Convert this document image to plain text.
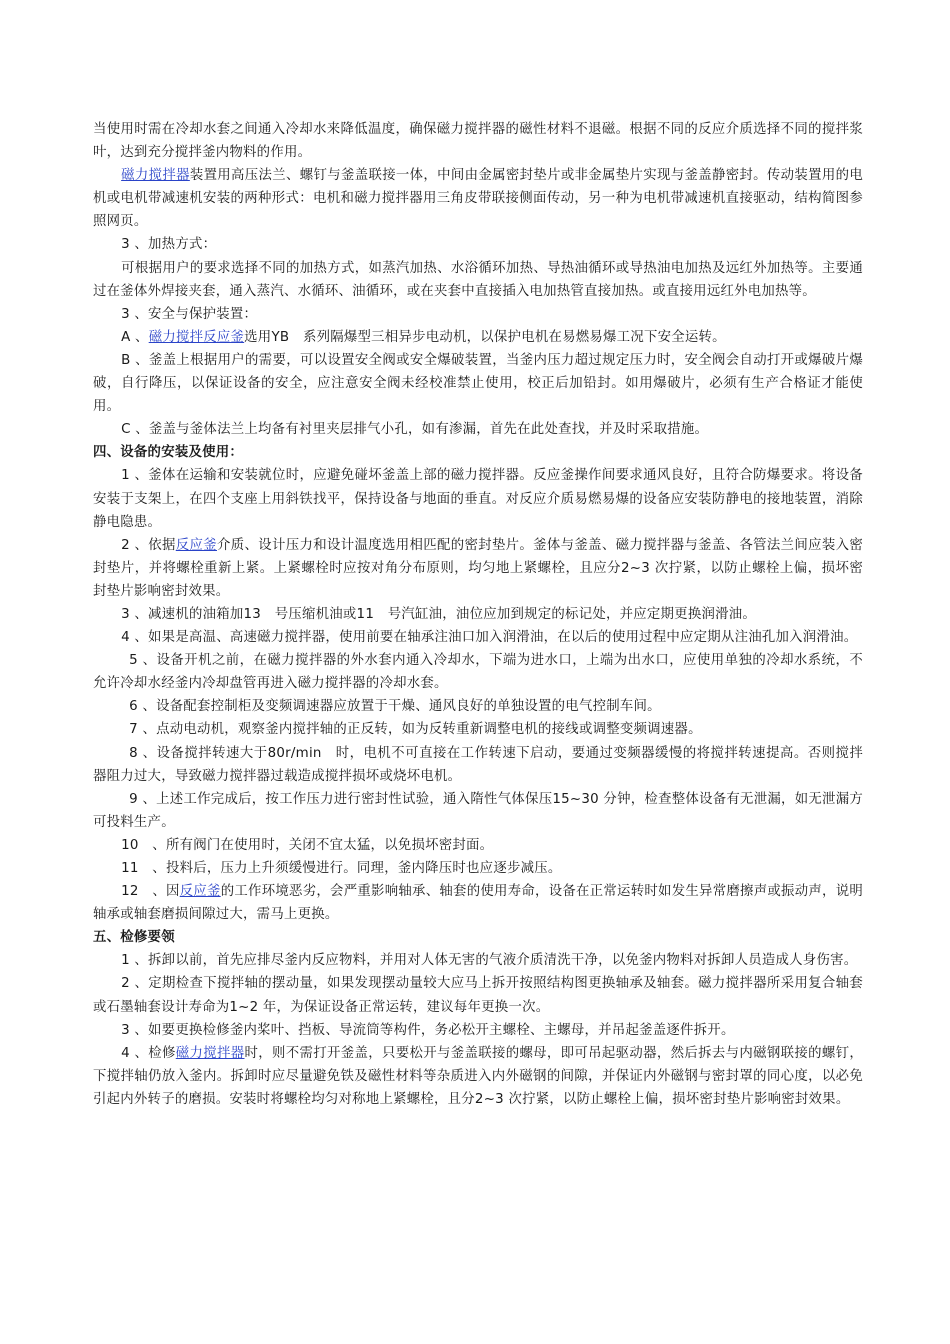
当使用时需在冷却水套之间通入冷却水来降低温度，确保磁力搅拌器的磁性材料不退磁。根据不同的反应介质选择不同的搅拌浆叶，达到充分搅拌釜内物料的作用。

磁力搅拌器装置用高压法兰、螺钉与釜盖联接一体，中间由金属密封垫片或非金属垫片实现与釜盖静密封。传动装置用的电机或电机带减速机安装的两种形式：电机和磁力搅拌器用三角皮带联接侧面传动，另一种为电机带减速机直接驱动，结构简图参照网页。

3 、加热方式：

可根据用户的要求选择不同的加热方式，如蒸汽加热、水浴循环加热、导热油循环或导热油电加热及远红外加热等。主要通过在釜体外焊接夹套，通入蒸汽、水循环、油循环，或在夹套中直接插入电加热管直接加热。或直接用远红外电加热等。

3 、安全与保护装置：

A 、磁力搅拌反应釜选用YB　系列隔爆型三相异步电动机，以保护电机在易燃易爆工况下安全运转。

B 、釜盖上根据用户的需要，可以设置安全阀或安全爆破装置，当釜内压力超过规定压力时，安全阀会自动打开或爆破片爆破，自行降压，以保证设备的安全，应注意安全阀未经校准禁止使用，校正后加铅封。如用爆破片，必须有生产合格证才能使用。

C 、釜盖与釜体法兰上均备有衬里夹层排气小孔，如有渗漏，首先在此处查找，并及时采取措施。

四、设备的安装及使用：

1 、釜体在运输和安装就位时，应避免碰坏釜盖上部的磁力搅拌器。反应釜操作间要求通风良好，且符合防爆要求。将设备安装于支架上，在四个支座上用斜铁找平，保持设备与地面的垂直。对反应介质易燃易爆的设备应安装防静电的接地装置，消除静电隐患。

2 、依据反应釜介质、设计压力和设计温度选用相匹配的密封垫片。釜体与釜盖、磁力搅拌器与釜盖、各管法兰间应装入密封垫片，并将螺栓重新上紧。上紧螺栓时应按对角分布原则，均匀地上紧螺栓，且应分2~3 次拧紧，以防止螺栓上偏，损坏密封垫片影响密封效果。

3 、减速机的油箱加13　号压缩机油或11　号汽缸油，油位应加到规定的标记处，并应定期更换润滑油。

4 、如果是高温、高速磁力搅拌器，使用前要在轴承注油口加入润滑油，在以后的使用过程中应定期从注油孔加入润滑油。

5 、设备开机之前，在磁力搅拌器的外水套内通入冷却水，下端为进水口，上端为出水口，应使用单独的冷却水系统，不允许冷却水经釜内冷却盘管再进入磁力搅拌器的冷却水套。

6 、设备配套控制柜及变频调速器应放置于干燥、通风良好的单独设置的电气控制车间。

7 、点动电动机，观察釜内搅拌轴的正反转，如为反转重新调整电机的接线或调整变频调速器。

8 、设备搅拌转速大于80r/min　时，电机不可直接在工作转速下启动，要通过变频器缓慢的将搅拌转速提高。否则搅拌器阻力过大，导致磁力搅拌器过载造成搅拌损坏或烧坏电机。

9 、上述工作完成后，按工作压力进行密封性试验，通入隋性气体保压15~30 分钟，检查整体设备有无泄漏，如无泄漏方可投料生产。

10　、所有阀门在使用时，关闭不宜太猛，以免损坏密封面。

11　、投料后，压力上升须缓慢进行。同理，釜内降压时也应逐步减压。

12　、因反应釜的工作环境恶劣，会严重影响轴承、轴套的使用寿命，设备在正常运转时如发生异常磨擦声或振动声，说明轴承或轴套磨损间隙过大，需马上更换。

五、检修要领

1 、拆卸以前，首先应排尽釜内反应物料，并用对人体无害的气液介质清洗干净，以免釜内物料对拆卸人员造成人身伤害。

2 、定期检查下搅拌轴的摆动量，如果发现摆动量较大应马上拆开按照结构图更换轴承及轴套。磁力搅拌器所采用复合轴套或石墨轴套设计寿命为1~2 年，为保证设备正常运转，建议每年更换一次。

3 、如要更换检修釜内桨叶、挡板、导流筒等构件，务必松开主螺栓、主螺母，并吊起釜盖逐件拆开。

4 、检修磁力搅拌器时，则不需打开釜盖，只要松开与釜盖联接的螺母，即可吊起驱动器，然后拆去与内磁钢联接的螺钉，下搅拌轴仍放入釜内。拆卸时应尽量避免铁及磁性材料等杂质进入内外磁钢的间隙，并保证内外磁钢与密封罩的同心度，以必免引起内外转子的磨损。安装时将螺栓均匀对称地上紧螺栓，且分2~3 次拧紧，以防止螺栓上偏，损坏密封垫片影响密封效果。
